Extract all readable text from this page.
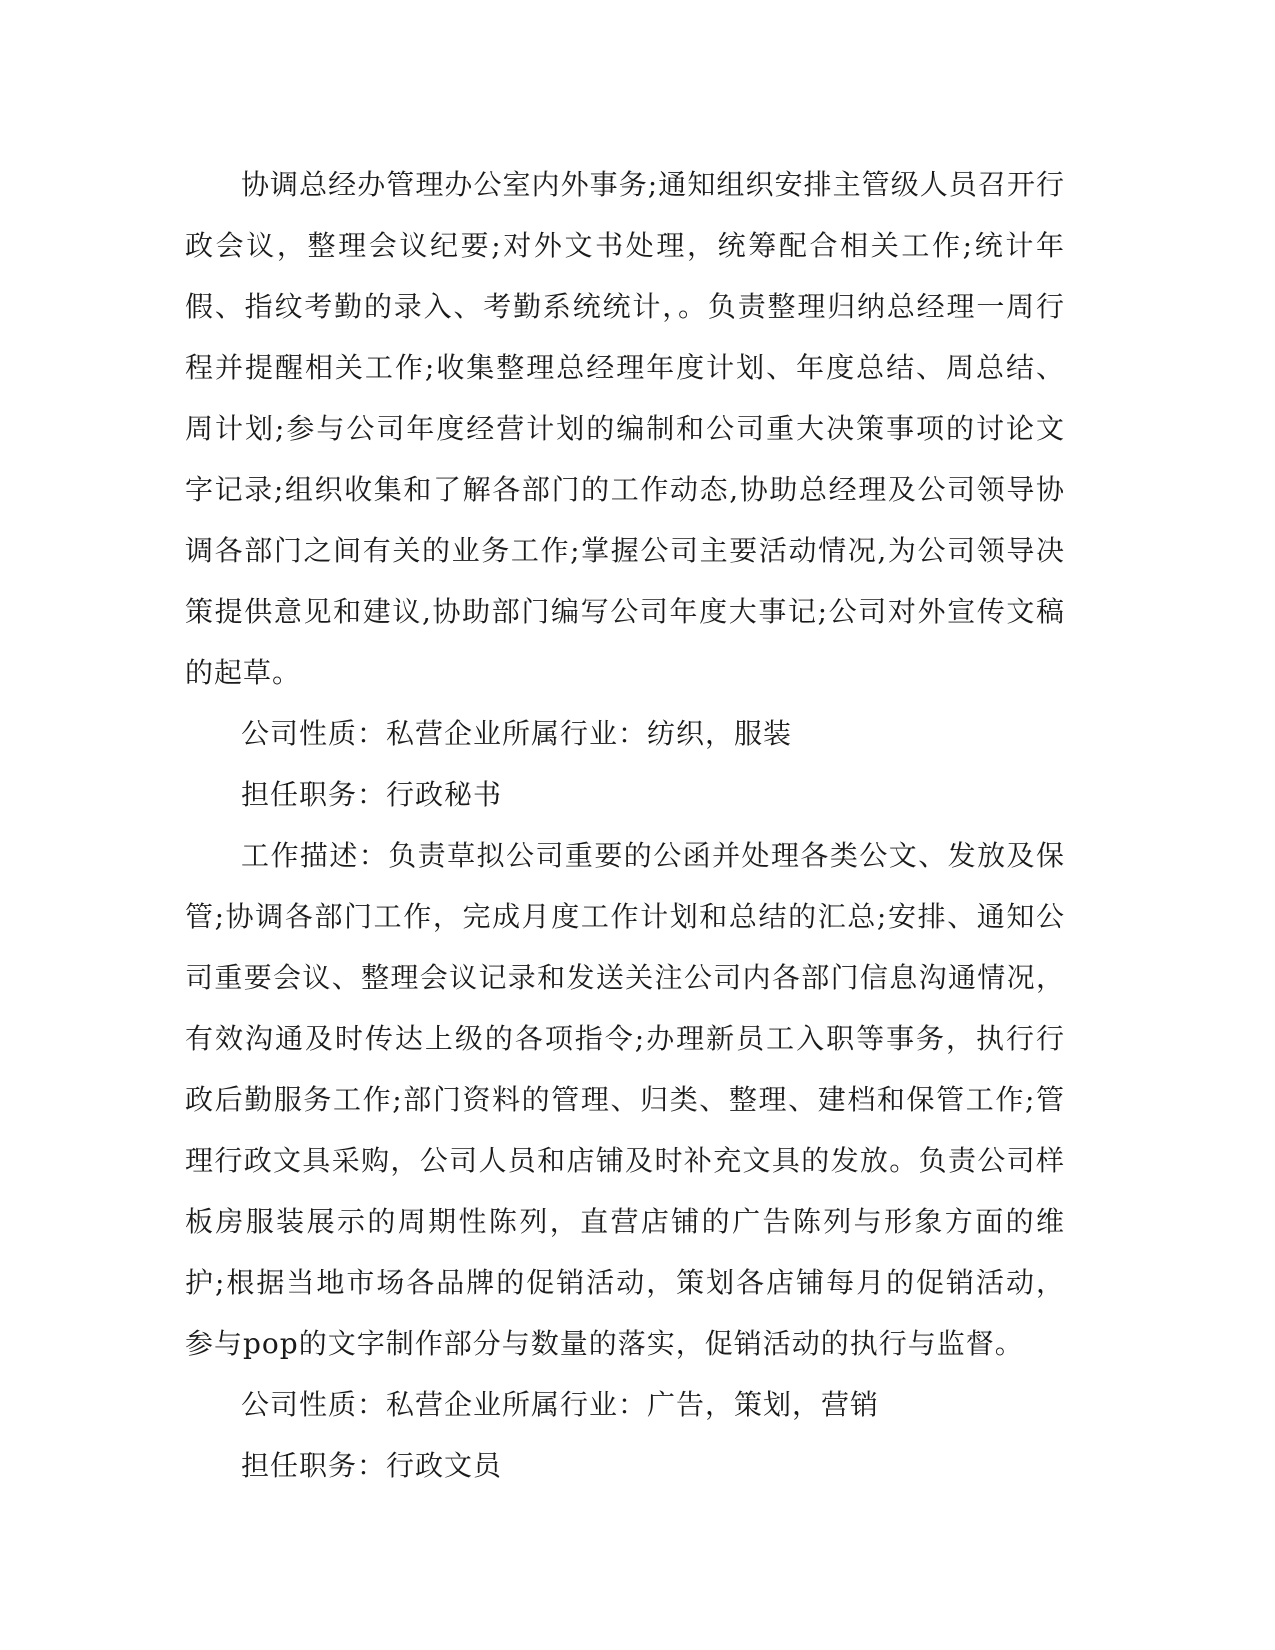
协调总经办管理办公室内外事务;通知组织安排主管级人员召开行政会议，整理会议纪要;对外文书处理，统筹配合相关工作;统计年假、指纹考勤的录入、考勤系统统计，。负责整理归纳总经理一周行程并提醒相关工作;收集整理总经理年度计划、年度总结、周总结、周计划;参与公司年度经营计划的编制和公司重大决策事项的讨论文字记录;组织收集和了解各部门的工作动态,协助总经理及公司领导协调各部门之间有关的业务工作;掌握公司主要活动情况,为公司领导决策提供意见和建议,协助部门编写公司年度大事记;公司对外宣传文稿的起草。

公司性质：私营企业所属行业：纺织，服装

担任职务：行政秘书

工作描述：负责草拟公司重要的公函并处理各类公文、发放及保管;协调各部门工作，完成月度工作计划和总结的汇总;安排、通知公司重要会议、整理会议记录和发送关注公司内各部门信息沟通情况，有效沟通及时传达上级的各项指令;办理新员工入职等事务，执行行政后勤服务工作;部门资料的管理、归类、整理、建档和保管工作;管理行政文具采购，公司人员和店铺及时补充文具的发放。负责公司样板房服装展示的周期性陈列，直营店铺的广告陈列与形象方面的维护;根据当地市场各品牌的促销活动，策划各店铺每月的促销活动，参与pop的文字制作部分与数量的落实，促销活动的执行与监督。

公司性质：私营企业所属行业：广告，策划，营销

担任职务：行政文员
